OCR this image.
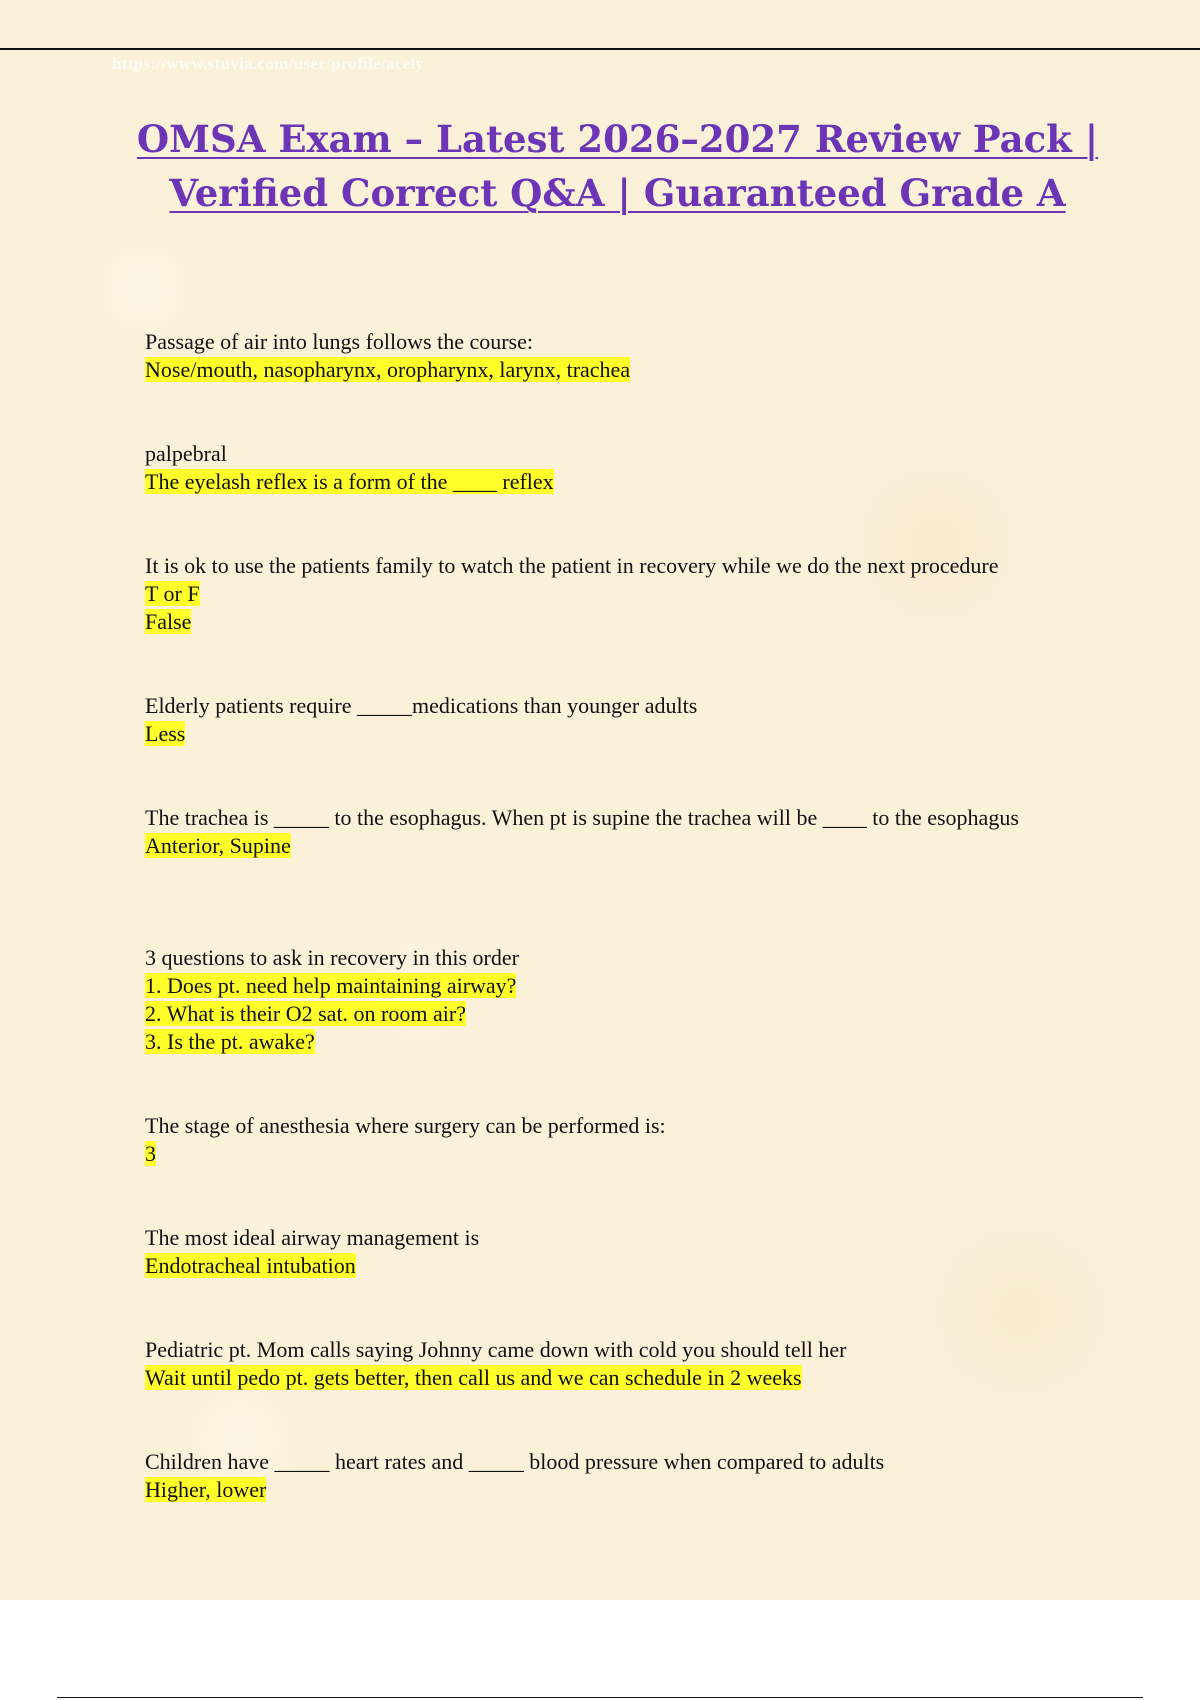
https://www.stuvia.com/user/profile/acely
OMSA Exam – Latest 2026–2027 Review Pack | Verified Correct Q&A | Guaranteed Grade A
Passage of air into lungs follows the course:
Nose/mouth, nasopharynx, oropharynx, larynx, trachea
palpebral
The eyelash reflex is a form of the ____ reflex
It is ok to use the patients family to watch the patient in recovery while we do the next procedure
T or F
False
Elderly patients require _____medications than younger adults
Less
The trachea is _____ to the esophagus. When pt is supine the trachea will be ____ to the esophagus
Anterior, Supine
3 questions to ask in recovery in this order
1. Does pt. need help maintaining airway?
2. What is their O2 sat. on room air?
3. Is the pt. awake?
The stage of anesthesia where surgery can be performed is:
3
The most ideal airway management is
Endotracheal intubation
Pediatric pt. Mom calls saying Johnny came down with cold you should tell her
Wait until pedo pt. gets better, then call us and we can schedule in 2 weeks
Children have _____ heart rates and _____ blood pressure when compared to adults
Higher, lower
